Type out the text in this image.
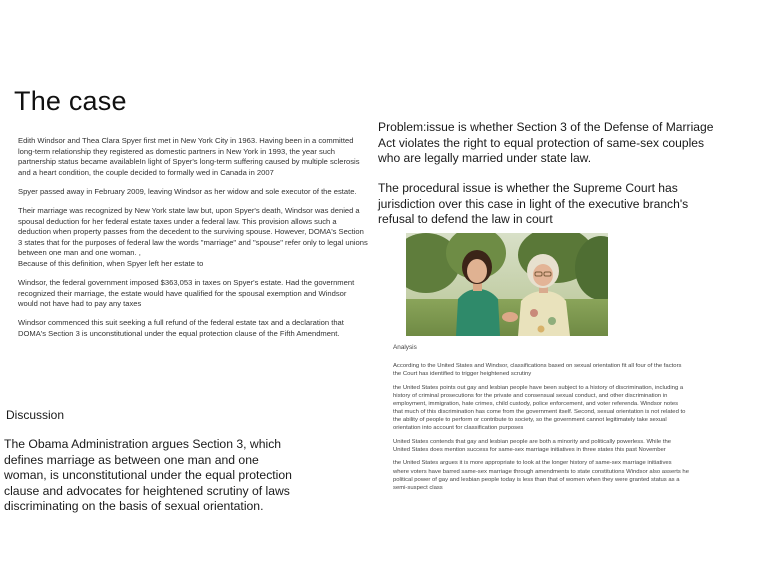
The case

Edith Windsor and Thea Clara Spyer first met in New York City in 1963. Having been in a committed long-term relationship they registered as domestic partners in New York in 1993, the year such partnership status became availableIn light of Spyer's long-term suffering caused by multiple sclerosis and a heart condition, the couple decided to formally wed in Canada in 2007

Spyer passed away in February 2009, leaving Windsor as her widow and sole executor of the estate.

Their marriage was recognized by New York state law but, upon Spyer's death, Windsor was denied a spousal deduction for her federal estate taxes under a federal law. This provision allows such a deduction when property passes from the decedent to the surviving spouse. However, DOMA's Section 3 states that for the purposes of federal law the words "marriage" and "spouse" refer only to legal unions between one man and one woman. ,

Because of this definition, when Spyer left her estate to

Windsor, the federal government imposed $363,053 in taxes on Spyer's estate. Had the government recognized their marriage, the estate would have qualified for the spousal exemption and Windsor would not have had to pay any taxes

Windsor commenced this suit seeking a full refund of the federal estate tax and a declaration that DOMA's Section 3 is unconstitutional under the equal protection clause of the Fifth Amendment.

Discussion
The Obama Administration argues Section 3, which defines marriage as between one man and one woman, is unconstitutional under the equal protection clause and advocates for heightened scrutiny of laws discriminating on the basis of sexual orientation.
Problem:issue is whether Section 3 of the Defense of Marriage Act violates the right to equal protection of same-sex couples who are legally married under state law.
The procedural issue is whether the Supreme Court has jurisdiction over this case in light of the executive branch's refusal to defend the law in court
Analysis

According to the United States and Windsor, classifications based on sexual orientation fit all four of the factors the Court has identified to trigger heightened scrutiny

the United States points out gay and lesbian people have been subject to a history of discrimination, including a history of criminal prosecutions for the private and consensual sexual conduct, and other discrimination in employment, immigration, hate crimes, child custody, police enforcement, and voter referenda. Windsor notes that much of this discrimination has come from the government itself. Second, sexual orientation is not related to the ability of people to perform or contribute to society, so the government cannot legitimately take sexual orientation into account for classification purposes

United States contends that gay and lesbian people are both a minority and politically powerless. While the United States does mention success for same-sex marriage initiatives in three states this past November

the United States argues it is more appropriate to look at the longer history of same-sex marriage initiatives where voters have barred same-sex marriage through amendments to state constitutions Windsor also asserts he political power of gay and lesbian people today is less than that of women when they were granted status as a semi-suspect class
